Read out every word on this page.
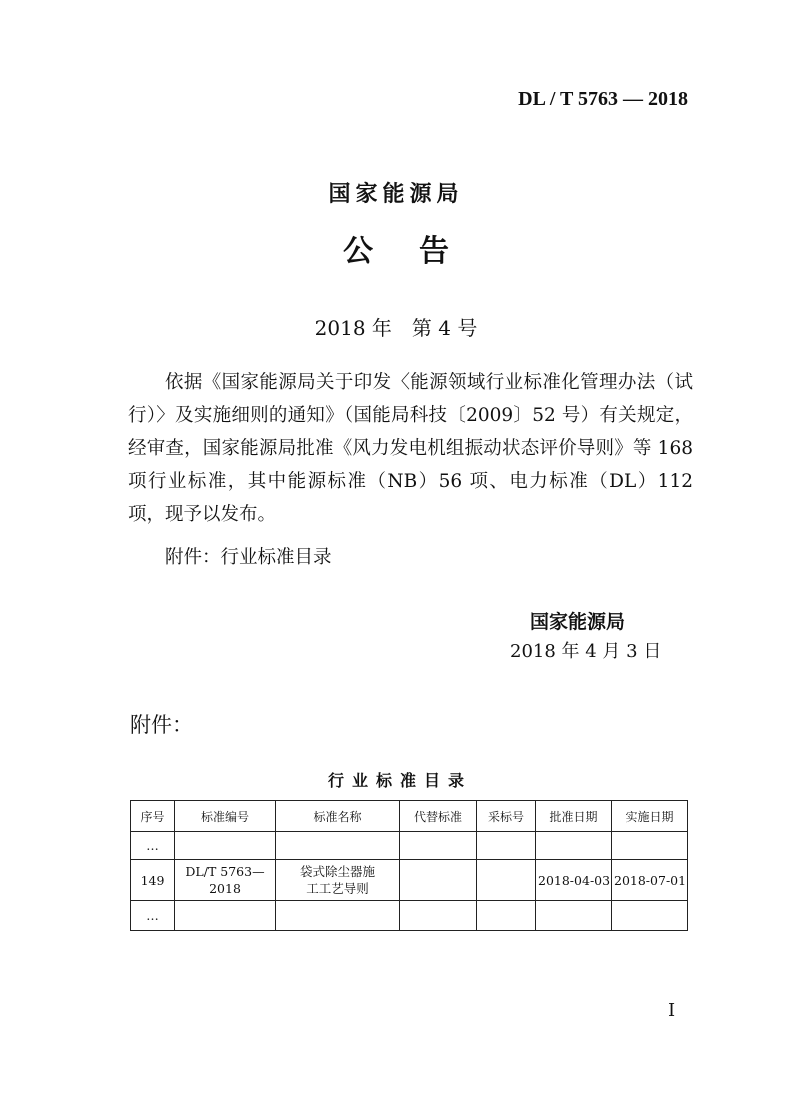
DL / T 5763 — 2018
国家能源局
公告
2018 年　第 4 号
依据《国家能源局关于印发〈能源领域行业标准化管理办法（试行）〉及实施细则的通知》（国能局科技〔2009〕52 号）有关规定，经审查，国家能源局批准《风力发电机组振动状态评价导则》等 168 项行业标准，其中能源标准（NB）56 项、电力标准（DL）112 项，现予以发布。
附件：行业标准目录
国家能源局
2018 年 4 月 3 日
附件：
行业标准目录
序号	标准编号	标准名称	代替标准	采标号	批准日期	实施日期
…						
149	DL/T 5763—2018	袋式除尘器施工工艺导则			2018-04-03	2018-07-01
…						
I
